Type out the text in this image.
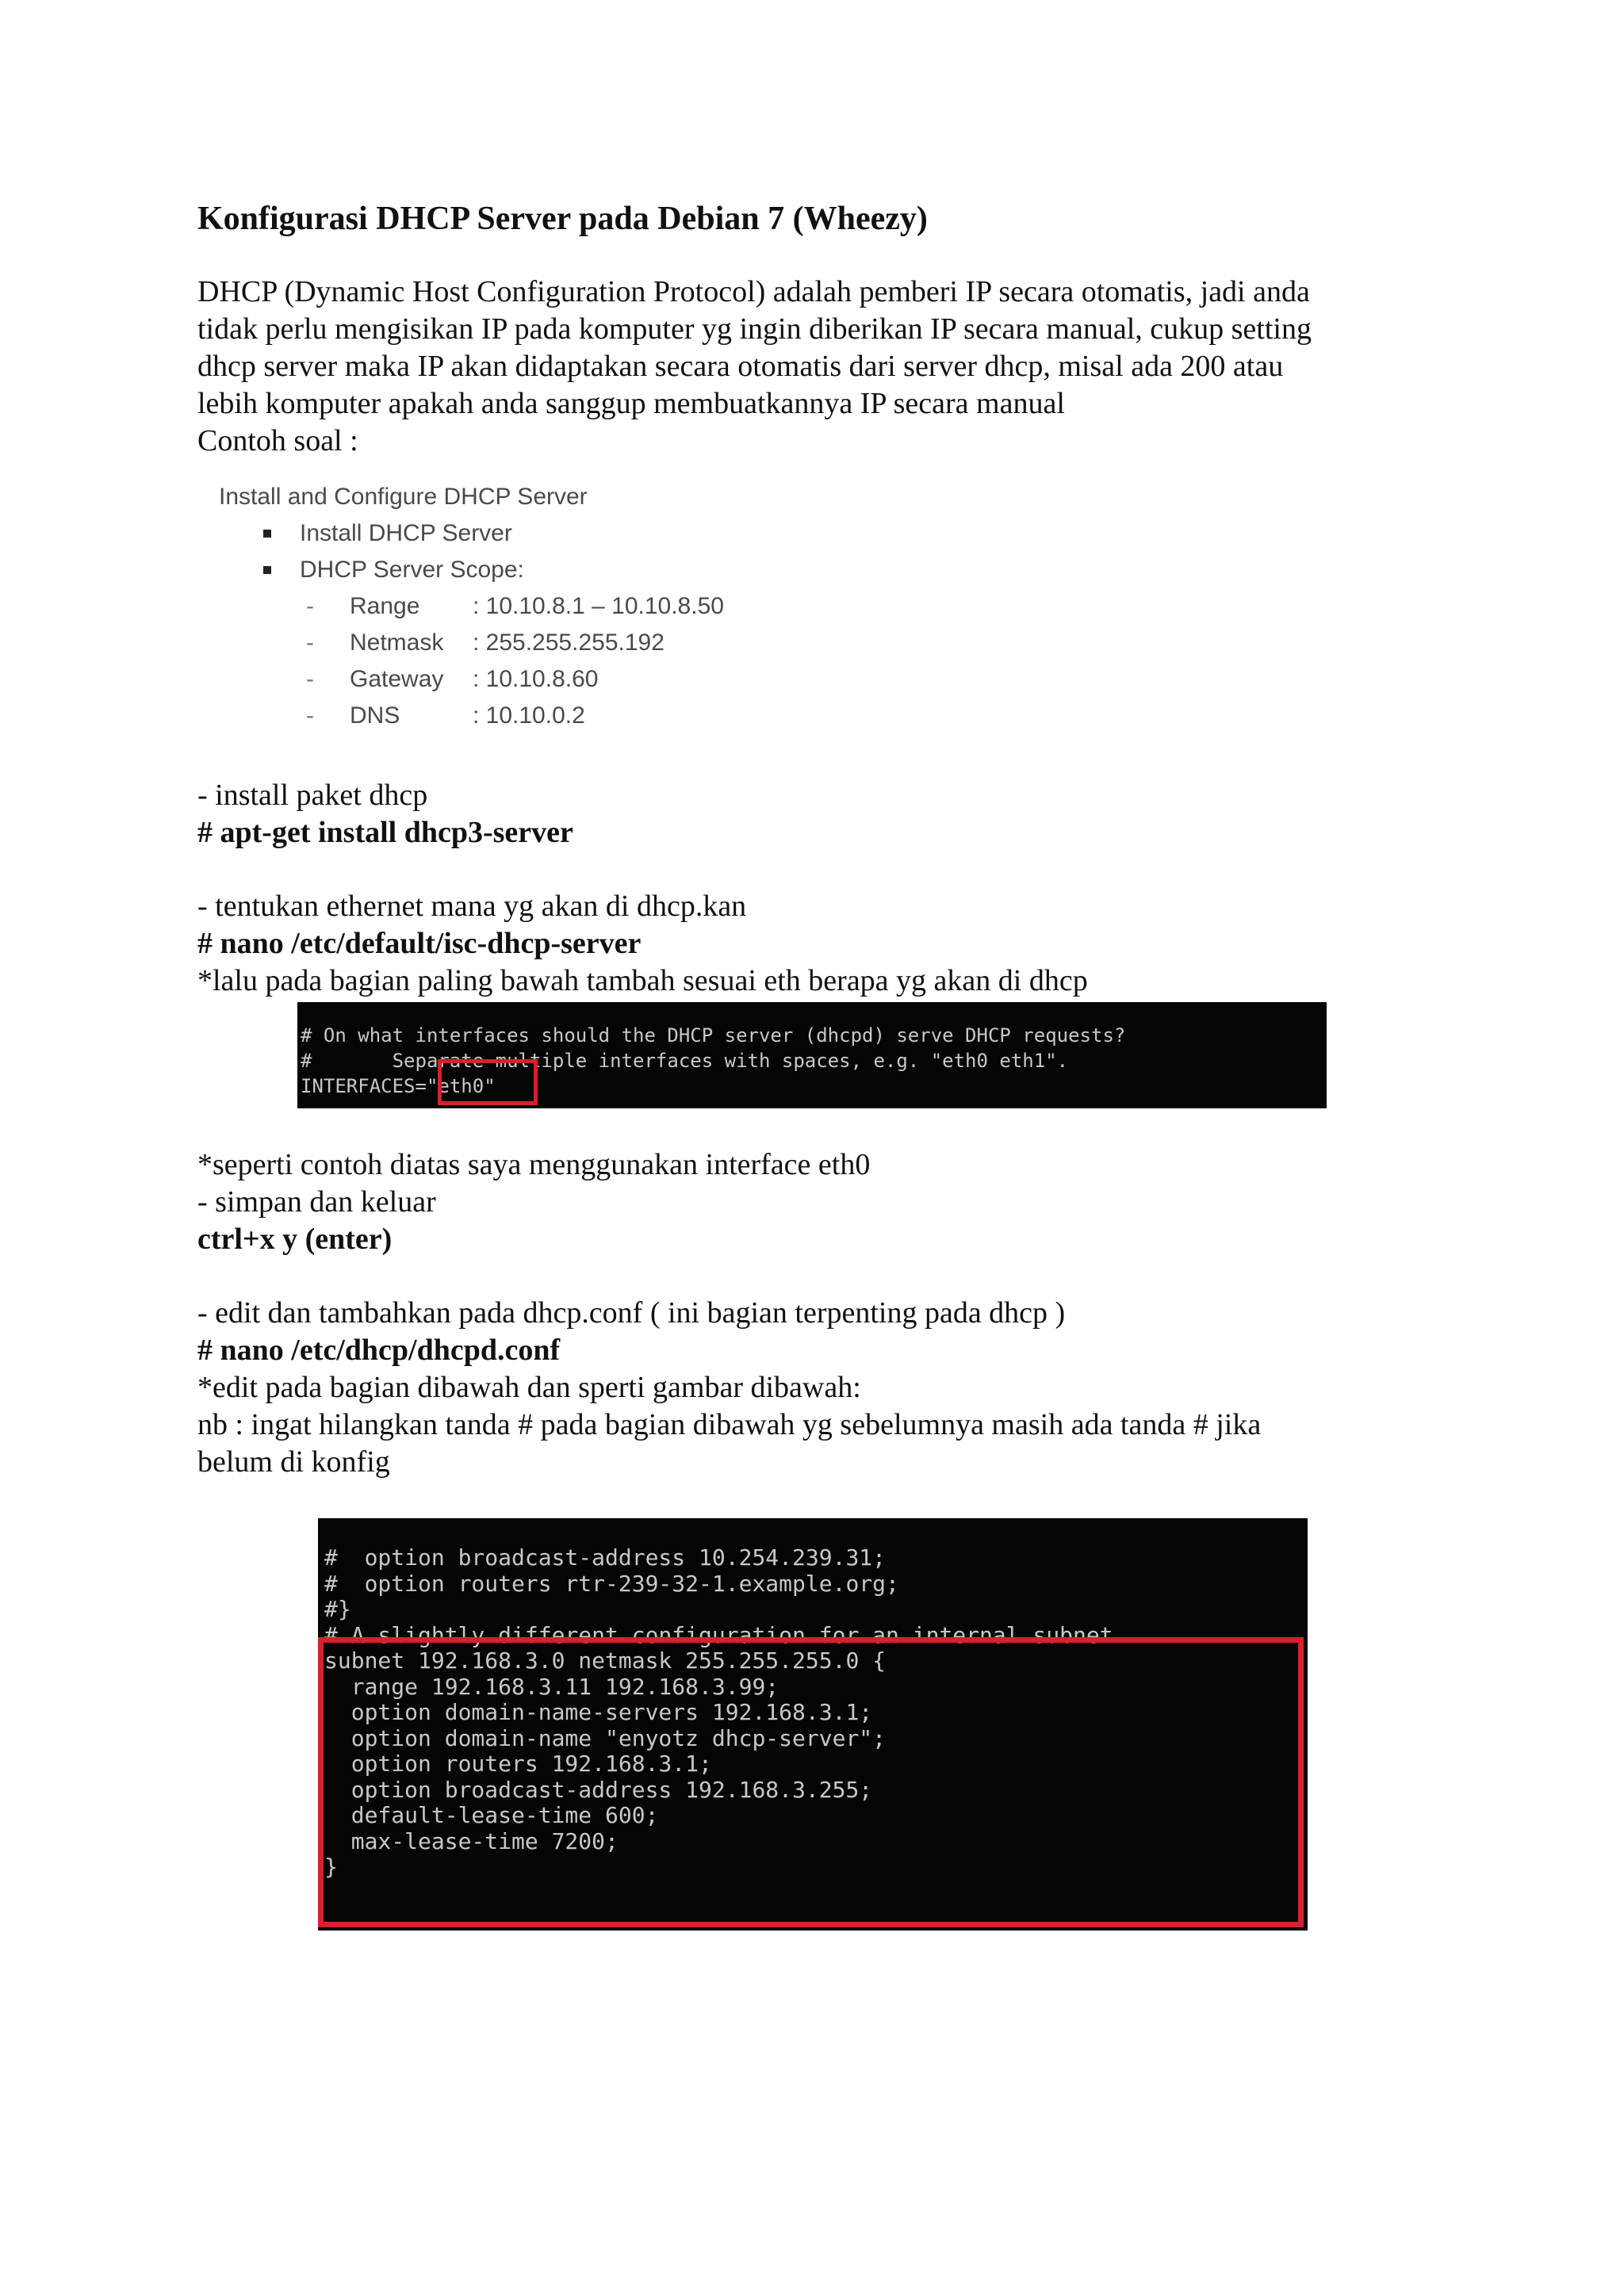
Konfigurasi DHCP Server pada Debian 7 (Wheezy)

DHCP (Dynamic Host Configuration Protocol) adalah pemberi IP secara otomatis, jadi anda
tidak perlu mengisikan IP pada komputer yg ingin diberikan IP secara manual, cukup setting
dhcp server maka IP akan didaptakan secara otomatis dari server dhcp, misal ada 200 atau
lebih komputer apakah anda sanggup membuatkannya IP secara manual
Contoh soal :

Install and Configure DHCP Server
Install DHCP Server
DHCP Server Scope:
-	Range	: 10.10.8.1 – 10.10.8.50
-	Netmask	: 255.255.255.192
-	Gateway	: 10.10.8.60
-	DNS	: 10.10.0.2
- install paket dhcp
# apt-get install dhcp3-server
- tentukan ethernet mana yg akan di dhcp.kan
# nano /etc/default/isc-dhcp-server
*lalu pada bagian paling bawah tambah sesuai eth berapa yg akan di dhcp
# On what interfaces should the DHCP server (dhcpd) serve DHCP requests?
#       Separate multiple interfaces with spaces, e.g. "eth0 eth1".
INTERFACES="eth0"
*seperti contoh diatas saya menggunakan interface eth0
- simpan dan keluar
ctrl+x y (enter)
- edit dan tambahkan pada dhcp.conf ( ini bagian terpenting pada dhcp )
# nano /etc/dhcp/dhcpd.conf
*edit pada bagian dibawah dan sperti gambar dibawah:
nb : ingat hilangkan tanda # pada bagian dibawah yg sebelumnya masih ada tanda # jika
belum di konfig
#  option broadcast-address 10.254.239.31;
#  option routers rtr-239-32-1.example.org;
#}
# A slightly different configuration for an internal subnet.
subnet 192.168.3.0 netmask 255.255.255.0 {
range 192.168.3.11 192.168.3.99;
option domain-name-servers 192.168.3.1;
option domain-name "enyotz dhcp-server";
option routers 192.168.3.1;
option broadcast-address 192.168.3.255;
default-lease-time 600;
max-lease-time 7200;
}
